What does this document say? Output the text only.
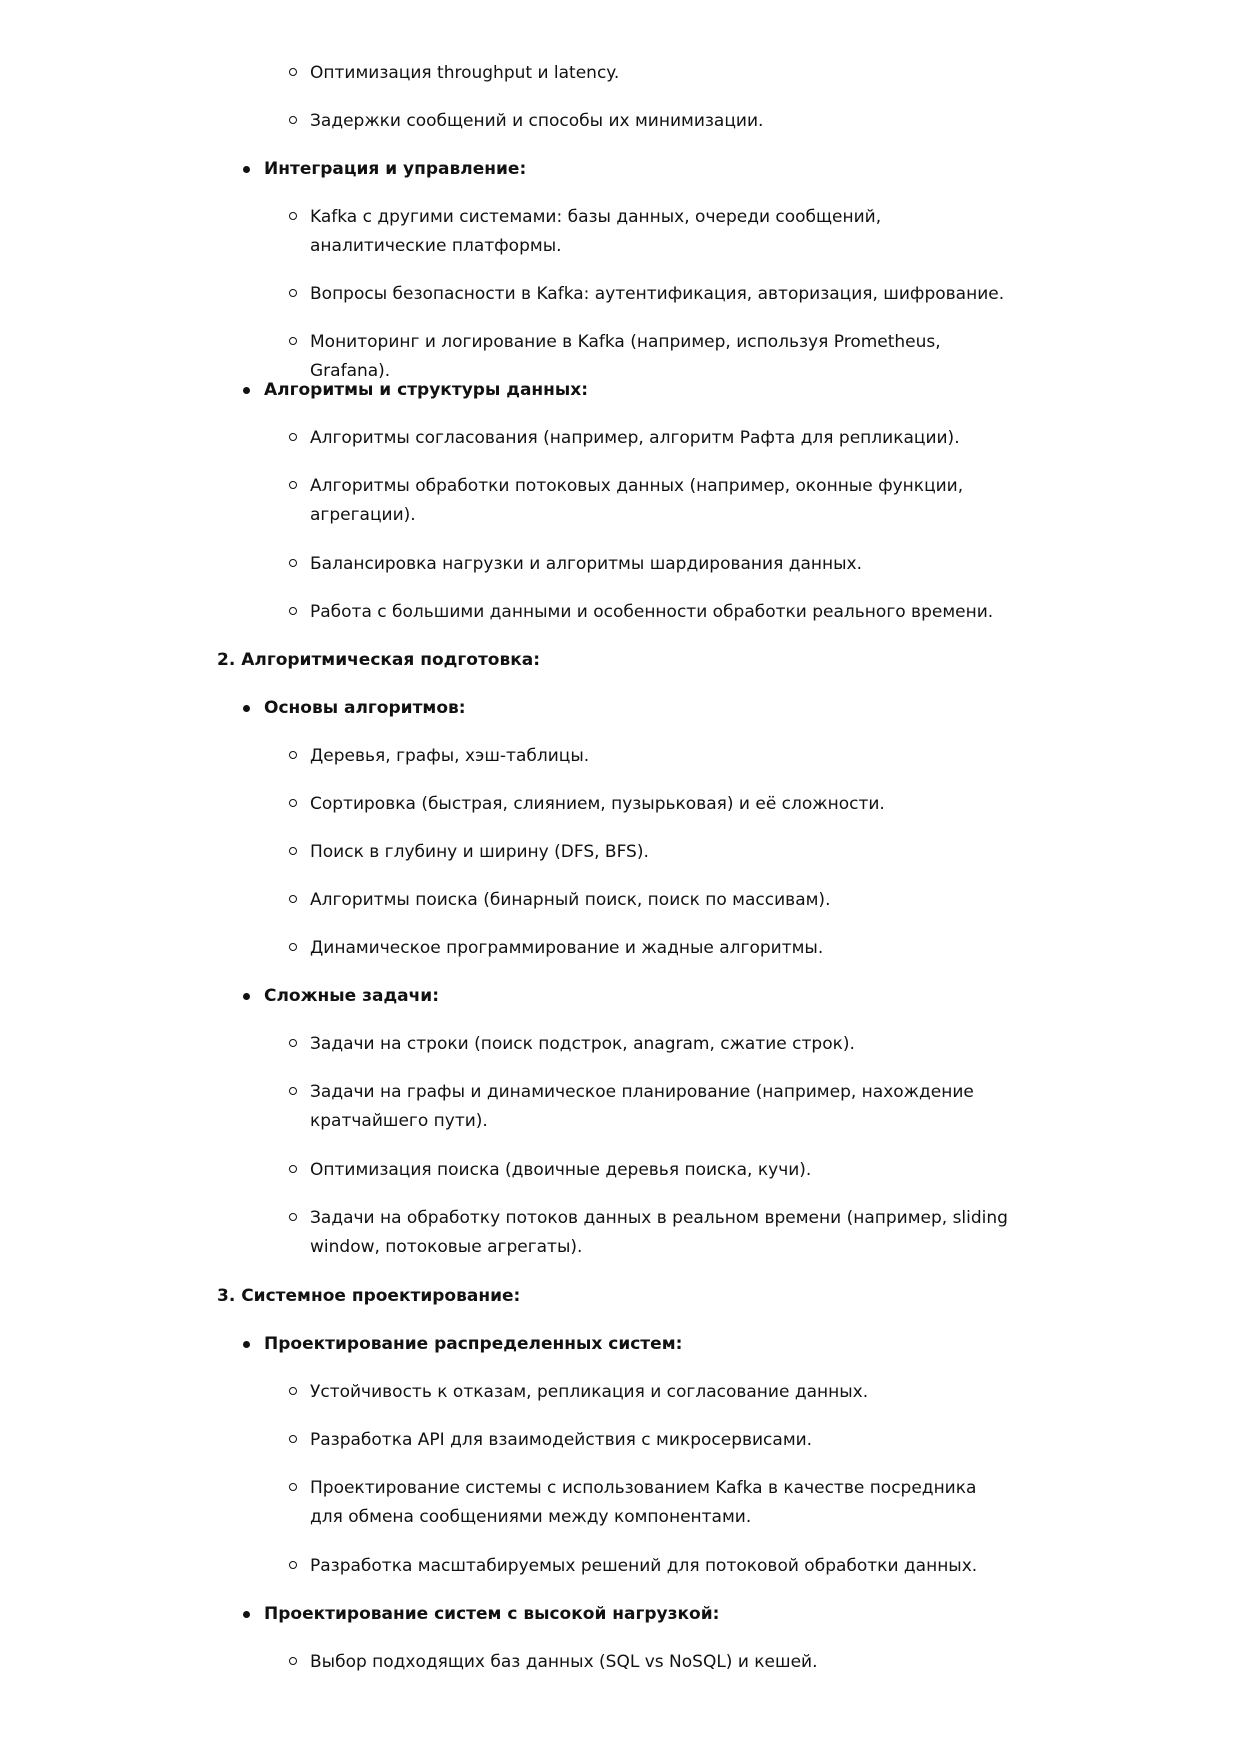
Оптимизация throughput и latency.
Задержки сообщений и способы их минимизации.
Интеграция и управление:
Kafka с другими системами: базы данных, очереди сообщений, аналитические платформы.
Вопросы безопасности в Kafka: аутентификация, авторизация, шифрование.
Мониторинг и логирование в Kafka (например, используя Prometheus, Grafana).
Алгоритмы и структуры данных:
Алгоритмы согласования (например, алгоритм Рафта для репликации).
Алгоритмы обработки потоковых данных (например, оконные функции, агрегации).
Балансировка нагрузки и алгоритмы шардирования данных.
Работа с большими данными и особенности обработки реального времени.
2. Алгоритмическая подготовка:
Основы алгоритмов:
Деревья, графы, хэш-таблицы.
Сортировка (быстрая, слиянием, пузырьковая) и её сложности.
Поиск в глубину и ширину (DFS, BFS).
Алгоритмы поиска (бинарный поиск, поиск по массивам).
Динамическое программирование и жадные алгоритмы.
Сложные задачи:
Задачи на строки (поиск подстрок, anagram, сжатие строк).
Задачи на графы и динамическое планирование (например, нахождение кратчайшего пути).
Оптимизация поиска (двоичные деревья поиска, кучи).
Задачи на обработку потоков данных в реальном времени (например, sliding window, потоковые агрегаты).
3. Системное проектирование:
Проектирование распределенных систем:
Устойчивость к отказам, репликация и согласование данных.
Разработка API для взаимодействия с микросервисами.
Проектирование системы с использованием Kafka в качестве посредника для обмена сообщениями между компонентами.
Разработка масштабируемых решений для потоковой обработки данных.
Проектирование систем с высокой нагрузкой:
Выбор подходящих баз данных (SQL vs NoSQL) и кешей.
